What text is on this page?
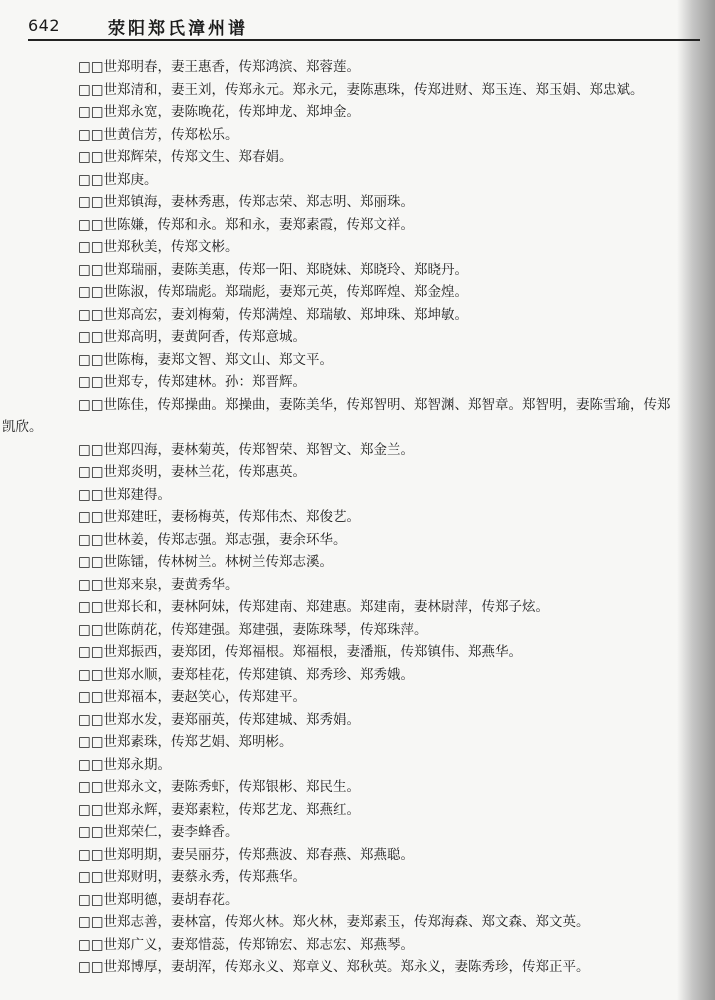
642	荥阳郑氏漳州谱
□□世郑明春，妻王惠香，传郑鸿滨、郑蓉莲。
□□世郑清和，妻王刘，传郑永元。郑永元，妻陈惠珠，传郑进财、郑玉连、郑玉娟、郑忠斌。
□□世郑永宽，妻陈晚花，传郑坤龙、郑坤金。
□□世黄信芳，传郑松乐。
□□世郑辉荣，传郑文生、郑春娟。
□□世郑庚。
□□世郑镇海，妻林秀惠，传郑志荣、郑志明、郑丽珠。
□□世陈嫌，传郑和永。郑和永，妻郑素霞，传郑文祥。
□□世郑秋美，传郑文彬。
□□世郑瑞丽，妻陈美惠，传郑一阳、郑晓妹、郑晓玲、郑晓丹。
□□世陈淑，传郑瑞彪。郑瑞彪，妻郑元英，传郑晖煌、郑金煌。
□□世郑高宏，妻刘梅菊，传郑满煌、郑瑞敏、郑坤珠、郑坤敏。
□□世郑高明，妻黄阿香，传郑意城。
□□世陈梅，妻郑文智、郑文山、郑文平。
□□世郑专，传郑建林。孙：郑晋辉。
□□世陈佳，传郑操曲。郑操曲，妻陈美华，传郑智明、郑智渊、郑智章。郑智明，妻陈雪瑜，传郑
凯欣。
□□世郑四海，妻林菊英，传郑智荣、郑智文、郑金兰。
□□世郑炎明，妻林兰花，传郑惠英。
□□世郑建得。
□□世郑建旺，妻杨梅英，传郑伟杰、郑俊艺。
□□世林姜，传郑志强。郑志强，妻余环华。
□□世陈镭，传林树兰。林树兰传郑志溪。
□□世郑来泉，妻黄秀华。
□□世郑长和，妻林阿妹，传郑建南、郑建惠。郑建南，妻林尉萍，传郑子炫。
□□世陈荫花，传郑建强。郑建强，妻陈珠琴，传郑珠萍。
□□世郑振西，妻郑团，传郑福根。郑福根，妻潘瓶，传郑镇伟、郑燕华。
□□世郑水顺，妻郑桂花，传郑建镇、郑秀珍、郑秀娥。
□□世郑福本，妻赵笑心，传郑建平。
□□世郑水发，妻郑丽英，传郑建城、郑秀娟。
□□世郑素珠，传郑艺娟、郑明彬。
□□世郑永期。
□□世郑永文，妻陈秀虾，传郑银彬、郑民生。
□□世郑永辉，妻郑素粒，传郑艺龙、郑燕红。
□□世郑荣仁，妻李蜂香。
□□世郑明期，妻吴丽芬，传郑燕波、郑春燕、郑燕聪。
□□世郑财明，妻蔡永秀，传郑燕华。
□□世郑明德，妻胡春花。
□□世郑志善，妻林富，传郑火林。郑火林，妻郑素玉，传郑海森、郑文森、郑文英。
□□世郑广义，妻郑惜蕊，传郑锦宏、郑志宏、郑燕琴。
□□世郑博厚，妻胡浑，传郑永义、郑章义、郑秋英。郑永义，妻陈秀珍，传郑正平。
